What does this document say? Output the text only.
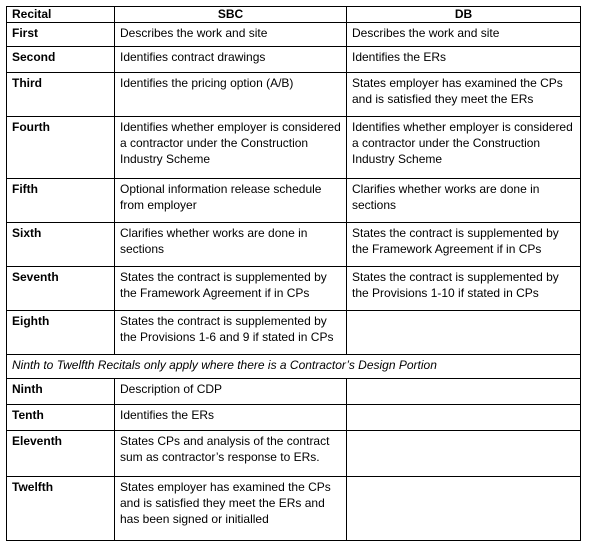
Recital	SBC	DB
First	Describes the work and site	Describes the work and site
Second	Identifies contract drawings	Identifies the ERs
Third	Identifies the pricing option (A/B)	States employer has examined the CPs and is satisfied they meet the ERs
Fourth	Identifies whether employer is considered a contractor under the Construction Industry Scheme	Identifies whether employer is considered a contractor under the Construction Industry Scheme
Fifth	Optional information release schedule from employer	Clarifies whether works are done in sections
Sixth	Clarifies whether works are done in sections	States the contract is supplemented by the Framework Agreement if in CPs
Seventh	States the contract is supplemented by the Framework Agreement if in CPs	States the contract is supplemented by the Provisions 1-10 if stated in CPs
Eighth	States the contract is supplemented by the Provisions 1-6 and 9 if stated in CPs	
Ninth to Twelfth Recitals only apply where there is a Contractor’s Design Portion		
Ninth	Description of CDP	
Tenth	Identifies the ERs	
Eleventh	States CPs and analysis of the contract sum as contractor’s response to ERs.	
Twelfth	States employer has examined the CPs and is satisfied they meet the ERs and has been signed or initialled	
